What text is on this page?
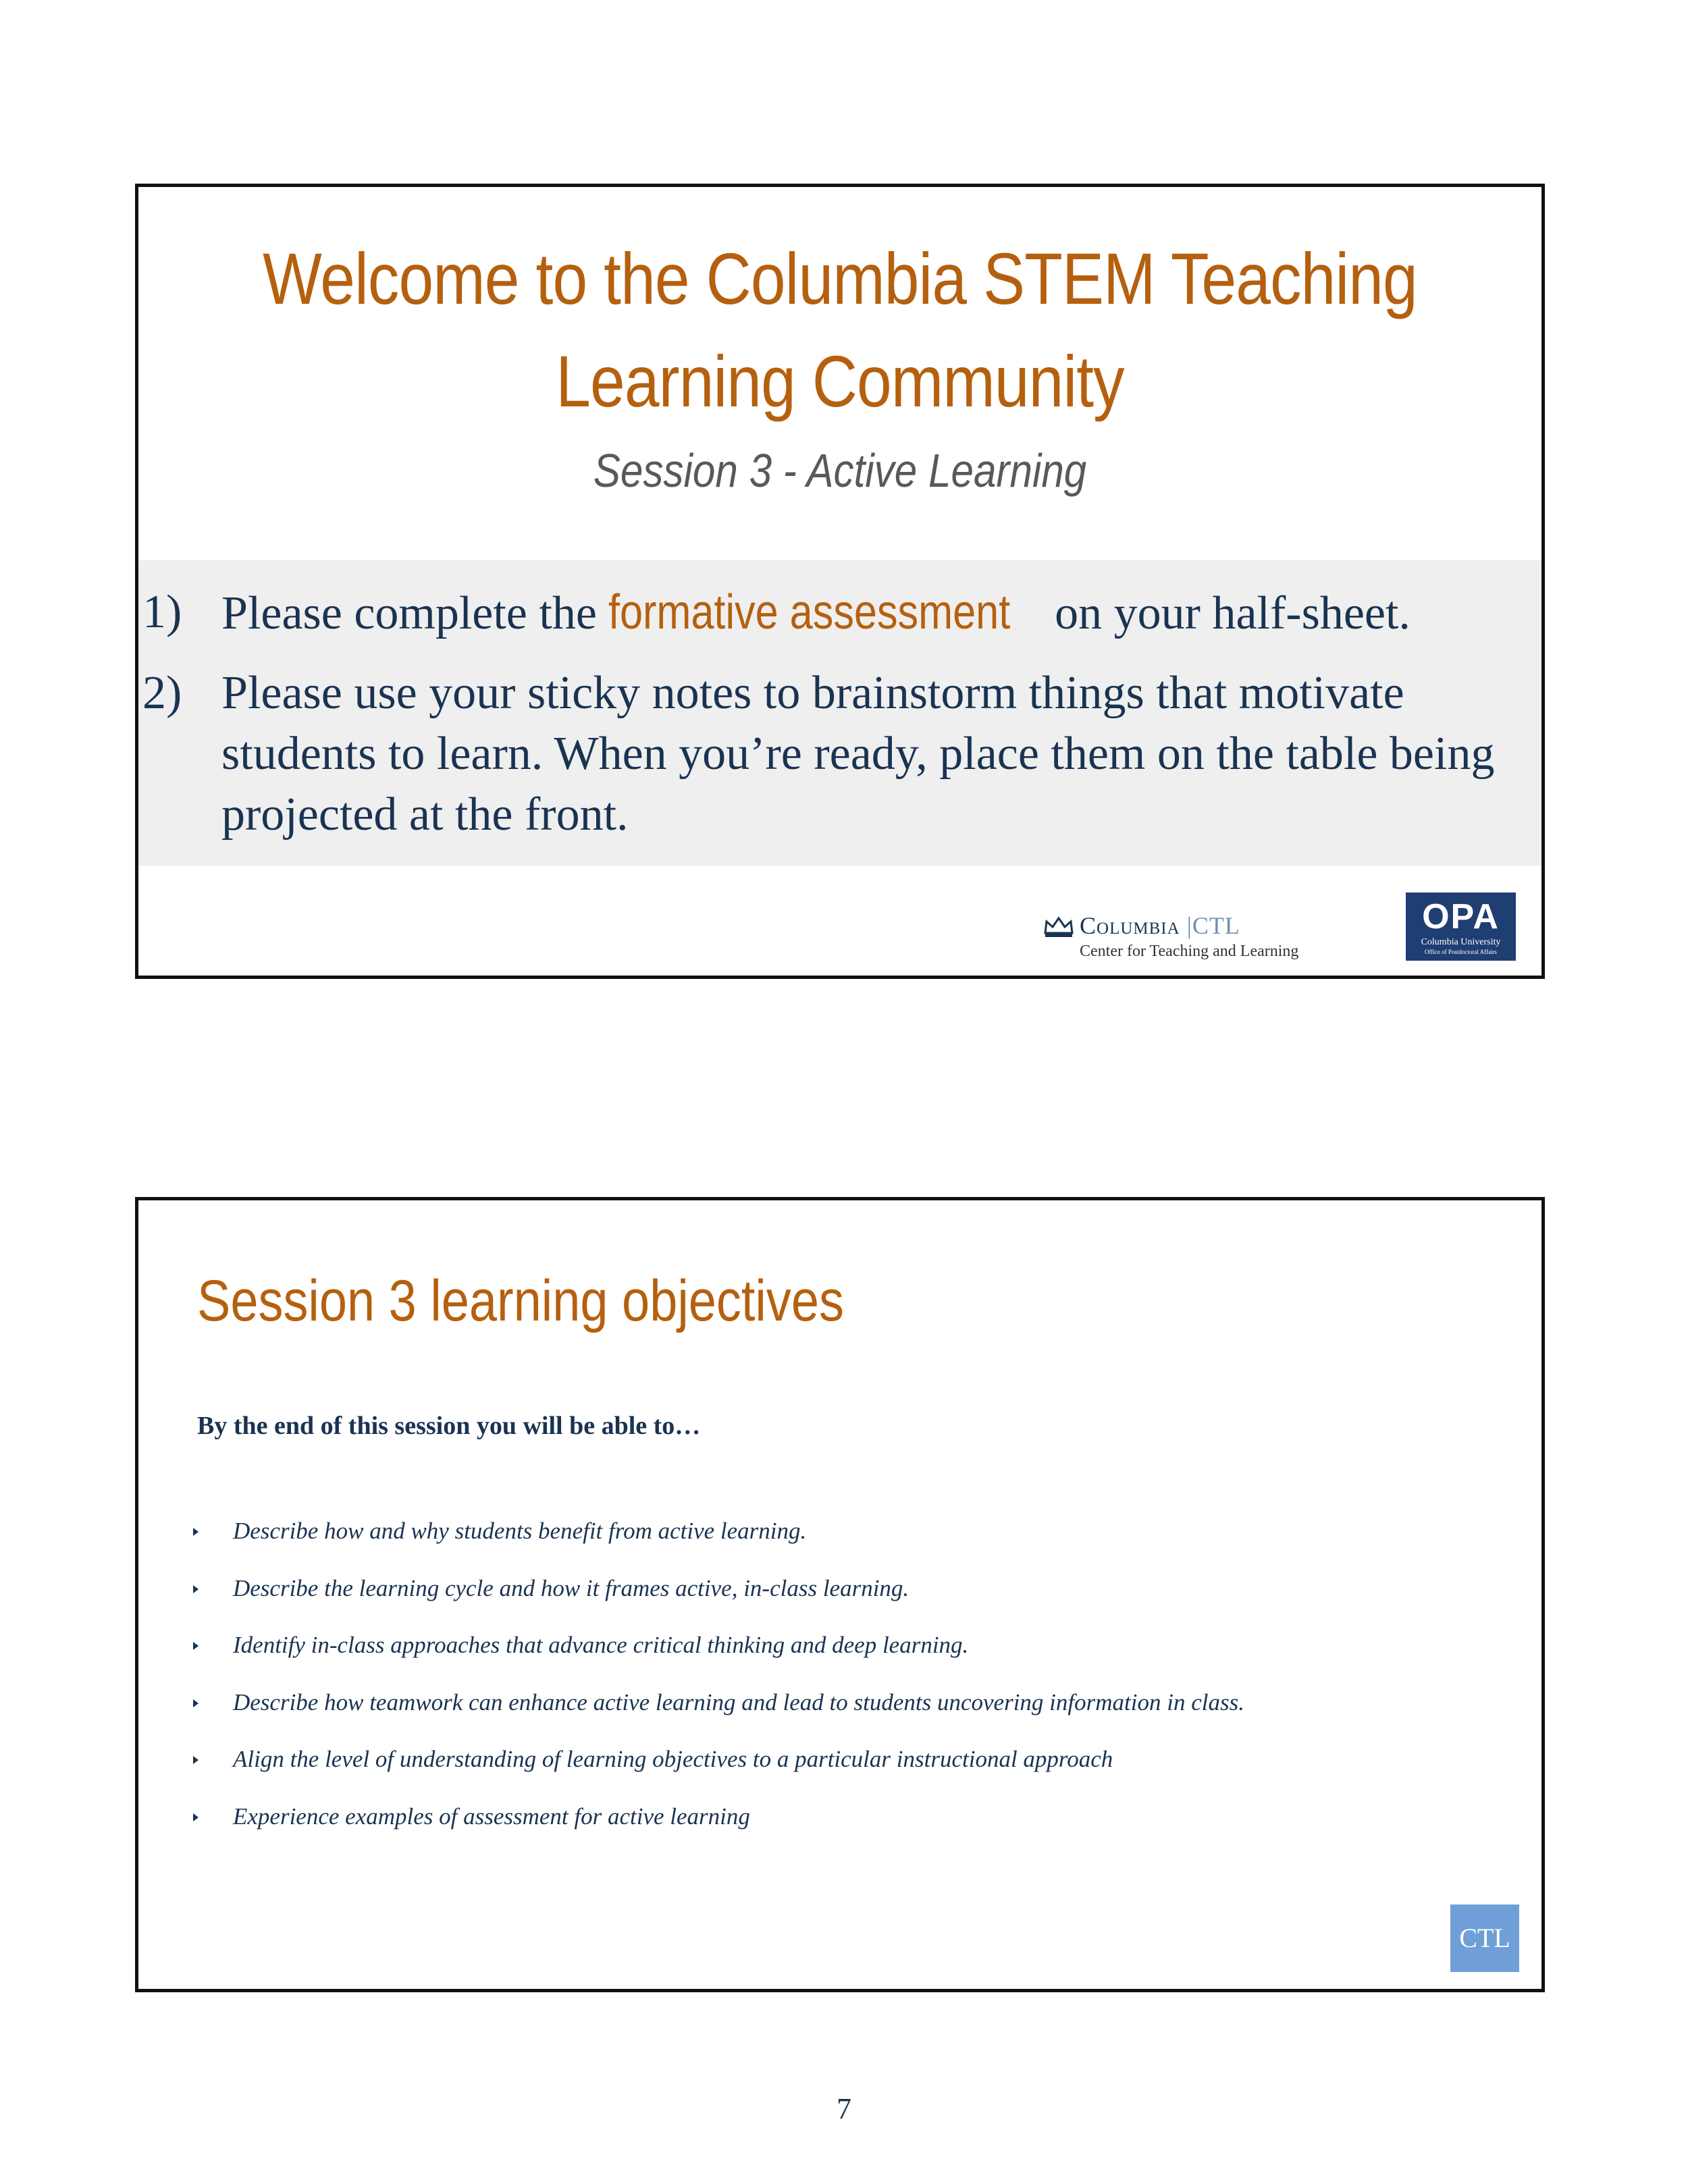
Welcome to the Columbia STEM Teaching
Learning Community
Session 3 - Active Learning
1) Please complete the formative assessment on your half-sheet.
2) Please use your sticky notes to brainstorm things that motivate students to learn. When you’re ready, place them on the table being projected at the front.
Columbia |CTL
Center for Teaching and Learning
OPA
Columbia University
Office of Postdoctoral Affairs
Session 3 learning objectives
By the end of this session you will be able to…
Describe how and why students benefit from active learning.
Describe the learning cycle and how it frames active, in-class learning.
Identify in-class approaches that advance critical thinking and deep learning.
Describe how teamwork can enhance active learning and lead to students uncovering information in class.
Align the level of understanding of learning objectives to a particular instructional approach
Experience examples of assessment for active learning
CTL
7
